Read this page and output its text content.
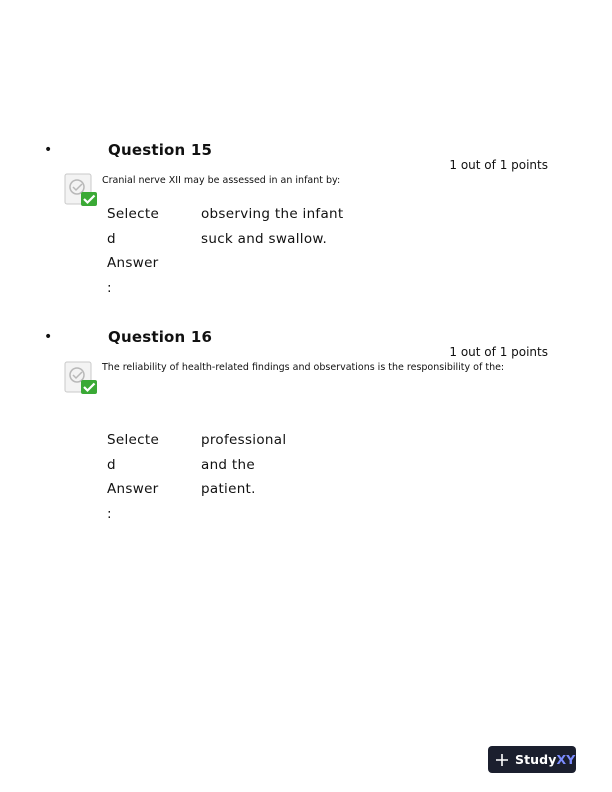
•	Question 15
1 out of 1 points
Cranial nerve XII may be assessed in an infant by:
Selecte
d
Answer
:
observing the infant
suck and swallow.
•	Question 16
1 out of 1 points
The reliability of health-related findings and observations is the responsibility of the:
Selecte
d
Answer
:
professional
and the
patient.
StudyXY
